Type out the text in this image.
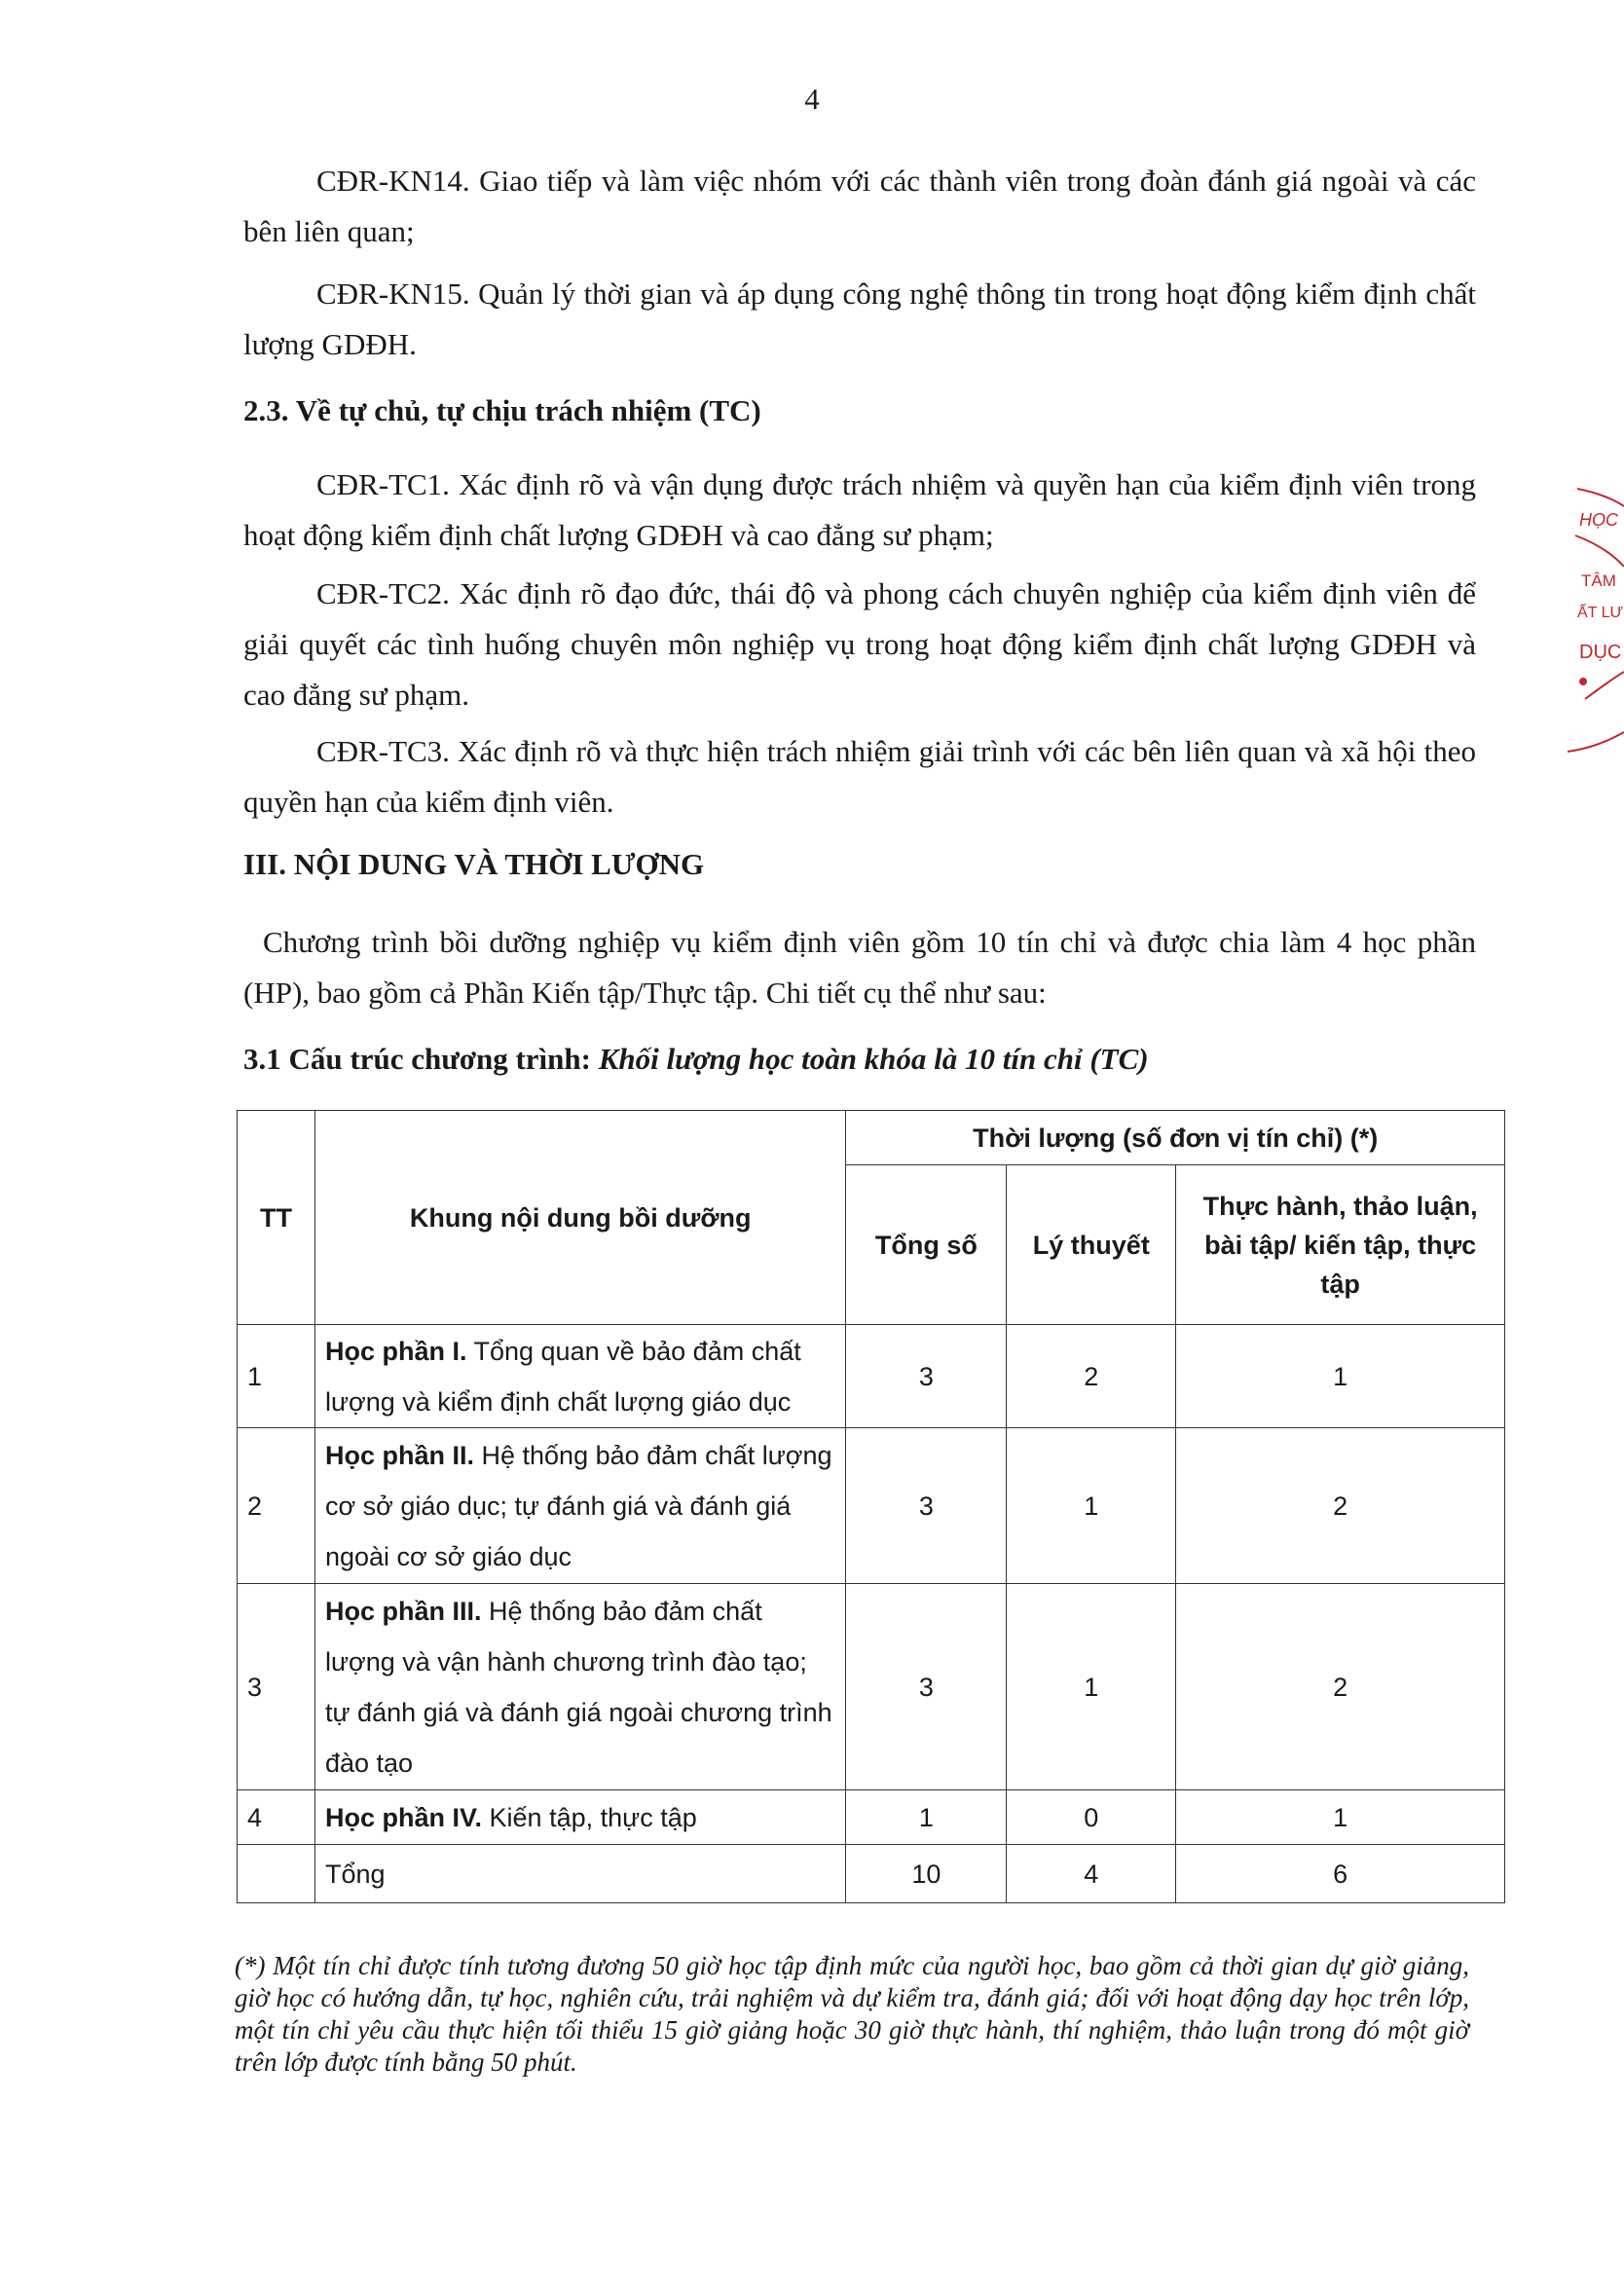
4

CĐR-KN14. Giao tiếp và làm việc nhóm với các thành viên trong đoàn đánh giá ngoài và các bên liên quan;

CĐR-KN15. Quản lý thời gian và áp dụng công nghệ thông tin trong hoạt động kiểm định chất lượng GDĐH.

2.3. Về tự chủ, tự chịu trách nhiệm (TC)

CĐR-TC1. Xác định rõ và vận dụng được trách nhiệm và quyền hạn của kiểm định viên trong hoạt động kiểm định chất lượng GDĐH và cao đẳng sư phạm;

CĐR-TC2. Xác định rõ đạo đức, thái độ và phong cách chuyên nghiệp của kiểm định viên để giải quyết các tình huống chuyên môn nghiệp vụ trong hoạt động kiểm định chất lượng GDĐH và cao đẳng sư phạm.

CĐR-TC3. Xác định rõ và thực hiện trách nhiệm giải trình với các bên liên quan và xã hội theo quyền hạn của kiểm định viên.

III. NỘI DUNG VÀ THỜI LƯỢNG

Chương trình bồi dưỡng nghiệp vụ kiểm định viên gồm 10 tín chỉ và được chia làm 4 học phần (HP), bao gồm cả Phần Kiến tập/Thực tập. Chi tiết cụ thể như sau:

3.1 Cấu trúc chương trình: Khối lượng học toàn khóa là 10 tín chỉ (TC)
TT	Khung nội dung bồi dưỡng	Thời lượng (số đơn vị tín chỉ) (*)		
		Tổng số	Lý thuyết	Thực hành, thảo luận, bài tập/ kiến tập, thực tập
1	Học phần I. Tổng quan về bảo đảm chất lượng và kiểm định chất lượng giáo dục	3	2	1
2	Học phần II. Hệ thống bảo đảm chất lượng cơ sở giáo dục; tự đánh giá và đánh giá ngoài cơ sở giáo dục	3	1	2
3	Học phần III. Hệ thống bảo đảm chất lượng và vận hành chương trình đào tạo; tự đánh giá và đánh giá ngoài chương trình đào tạo	3	1	2
4	Học phần IV. Kiến tập, thực tập	1	0	1
	Tổng	10	4	6

(*) Một tín chỉ được tính tương đương 50 giờ học tập định mức của người học, bao gồm cả thời gian dự giờ giảng, giờ học có hướng dẫn, tự học, nghiên cứu, trải nghiệm và dự kiểm tra, đánh giá; đối với hoạt động dạy học trên lớp, một tín chỉ yêu cầu thực hiện tối thiểu 15 giờ giảng hoặc 30 giờ thực hành, thí nghiệm, thảo luận trong đó một giờ trên lớp được tính bằng 50 phút.

HỌC
TÂM
ẤT LƯ
DỤC
